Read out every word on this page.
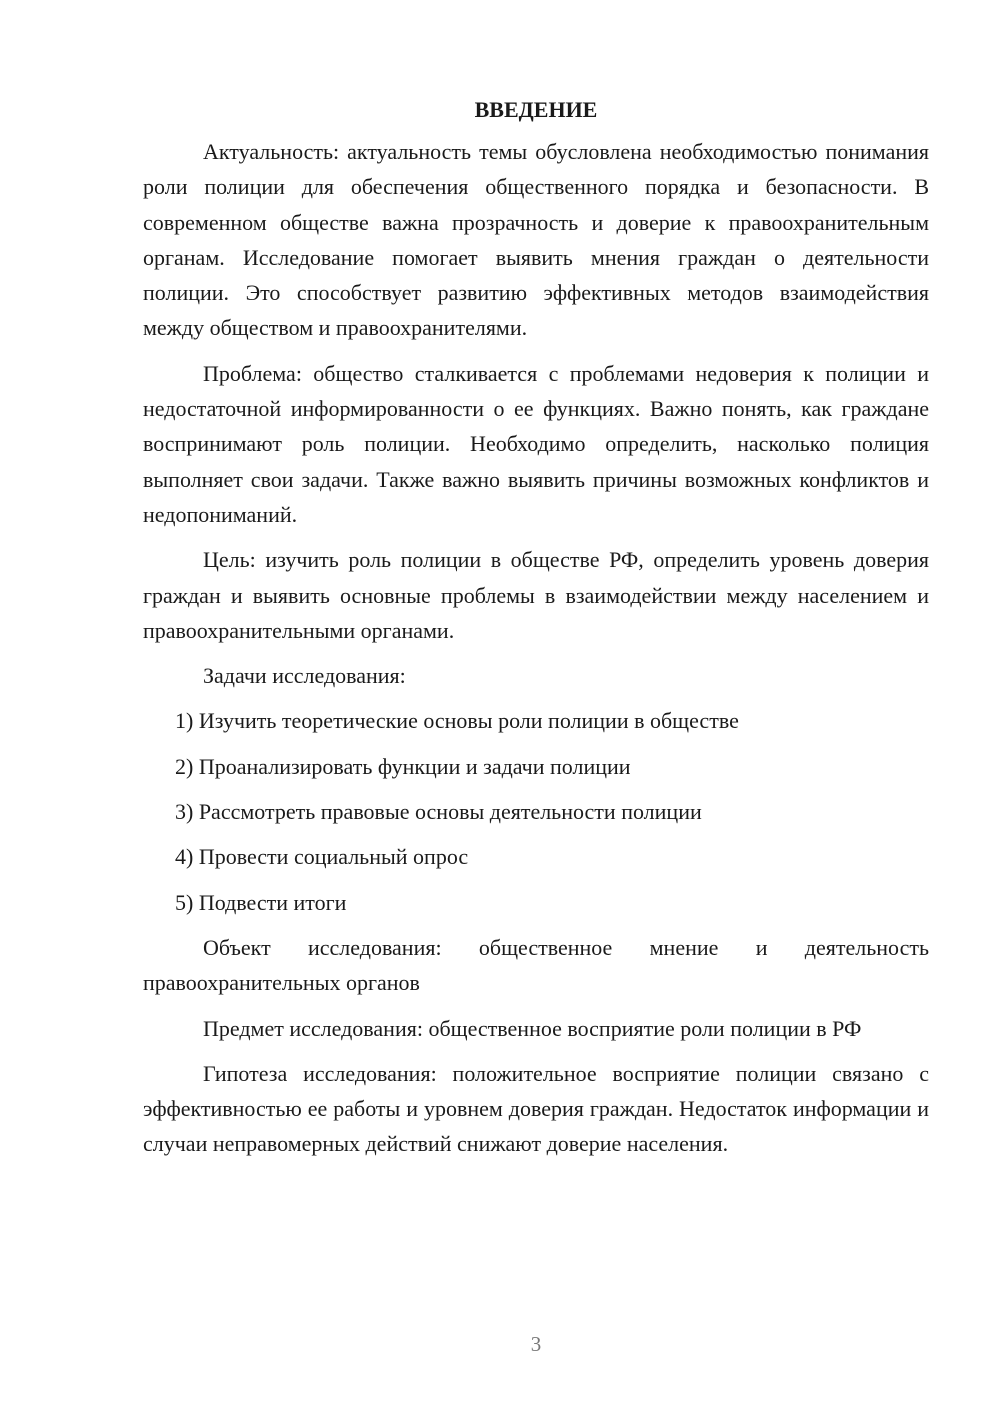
ВВЕДЕНИЕ

Актуальность: актуальность темы обусловлена необходимостью понимания роли полиции для обеспечения общественного порядка и безопасности. В современном обществе важна прозрачность и доверие к правоохранительным органам. Исследование помогает выявить мнения граждан о деятельности полиции. Это способствует развитию эффективных методов взаимодействия между обществом и правоохранителями.

Проблема: общество сталкивается с проблемами недоверия к полиции и недостаточной информированности о ее функциях. Важно понять, как граждане воспринимают роль полиции. Необходимо определить, насколько полиция выполняет свои задачи. Также важно выявить причины возможных конфликтов и недопониманий.

Цель: изучить роль полиции в обществе РФ, определить уровень доверия граждан и выявить основные проблемы в взаимодействии между населением и правоохранительными органами.

Задачи исследования:

1) Изучить теоретические основы роли полиции в обществе
2) Проанализировать функции и задачи полиции
3) Рассмотреть правовые основы деятельности полиции
4) Провести социальный опрос
5) Подвести итоги

Объект исследования: общественное мнение и деятельность правоохранительных органов

Предмет исследования: общественное восприятие роли полиции в РФ

Гипотеза исследования: положительное восприятие полиции связано с эффективностью ее работы и уровнем доверия граждан. Недостаток информации и случаи неправомерных действий снижают доверие населения.

3
